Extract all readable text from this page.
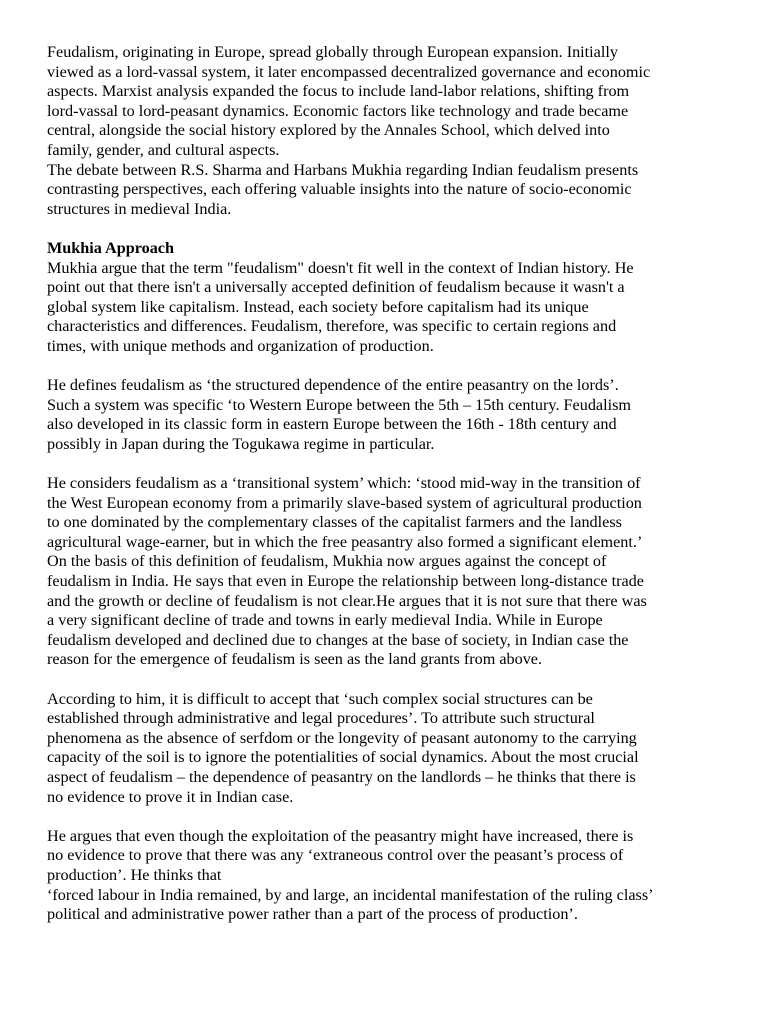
Feudalism, originating in Europe, spread globally through European expansion. Initially
viewed as a lord-vassal system, it later encompassed decentralized governance and economic
aspects. Marxist analysis expanded the focus to include land-labor relations, shifting from
lord-vassal to lord-peasant dynamics. Economic factors like technology and trade became
central, alongside the social history explored by the Annales School, which delved into
family, gender, and cultural aspects.
The debate between R.S. Sharma and Harbans Mukhia regarding Indian feudalism presents
contrasting perspectives, each offering valuable insights into the nature of socio-economic
structures in medieval India.
Mukhia Approach
Mukhia argue that the term "feudalism" doesn't fit well in the context of Indian history. He
point out that there isn't a universally accepted definition of feudalism because it wasn't a
global system like capitalism. Instead, each society before capitalism had its unique
characteristics and differences. Feudalism, therefore, was specific to certain regions and
times, with unique methods and organization of production.
He defines feudalism as ‘the structured dependence of the entire peasantry on the lords’.
Such a system was specific ‘to Western Europe between the 5th – 15th century. Feudalism
also developed in its classic form in eastern Europe between the 16th - 18th century and
possibly in Japan during the Togukawa regime in particular.
He considers feudalism as a ‘transitional system’ which: ‘stood mid-way in the transition of
the West European economy from a primarily slave-based system of agricultural production
to one dominated by the complementary classes of the capitalist farmers and the landless
agricultural wage-earner, but in which the free peasantry also formed a significant element.’
On the basis of this definition of feudalism, Mukhia now argues against the concept of
feudalism in India. He says that even in Europe the relationship between long-distance trade
and the growth or decline of feudalism is not clear.He argues that it is not sure that there was
a very significant decline of trade and towns in early medieval India. While in Europe
feudalism developed and declined due to changes at the base of society, in Indian case the
reason for the emergence of feudalism is seen as the land grants from above.
According to him, it is difficult to accept that ‘such complex social structures can be
established through administrative and legal procedures’. To attribute such structural
phenomena as the absence of serfdom or the longevity of peasant autonomy to the carrying
capacity of the soil is to ignore the potentialities of social dynamics. About the most crucial
aspect of feudalism – the dependence of peasantry on the landlords – he thinks that there is
no evidence to prove it in Indian case.
He argues that even though the exploitation of the peasantry might have increased, there is
no evidence to prove that there was any ‘extraneous control over the peasant’s process of
production’. He thinks that
‘forced labour in India remained, by and large, an incidental manifestation of the ruling class’
political and administrative power rather than a part of the process of production’.
